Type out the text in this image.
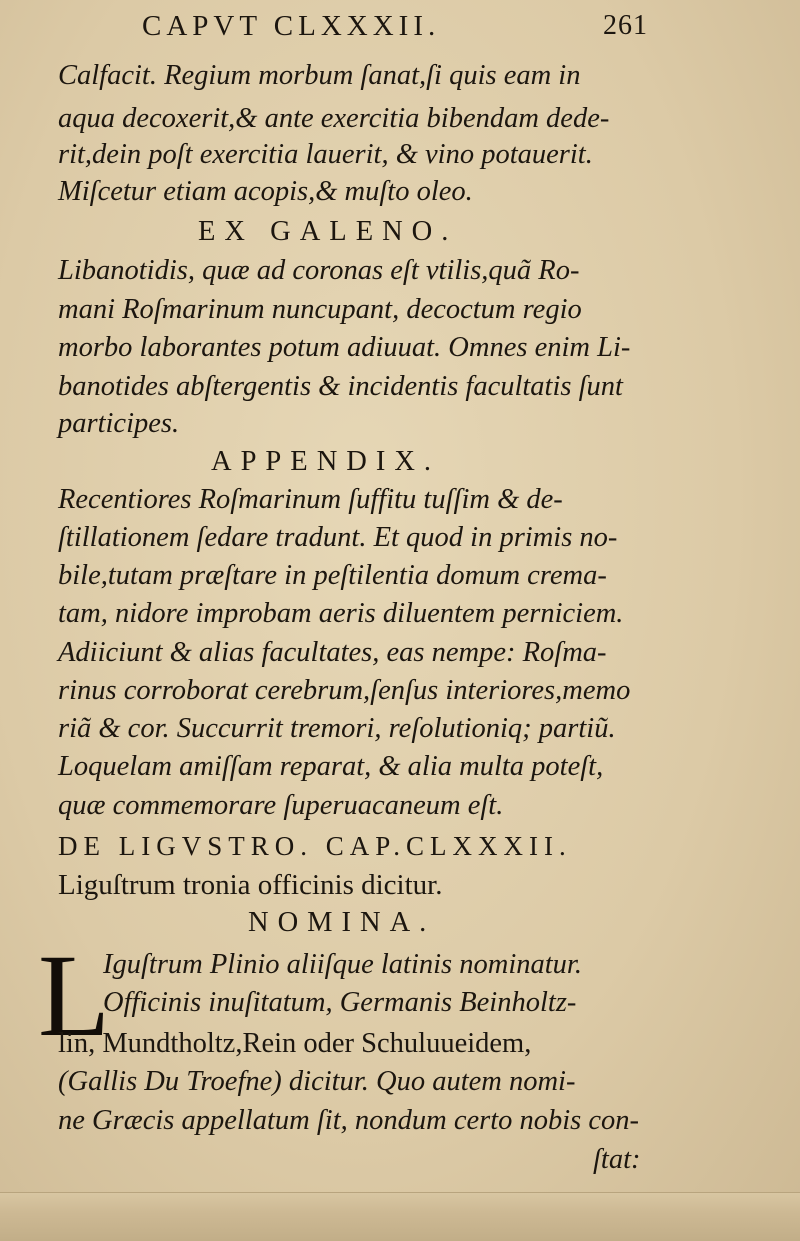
CAPVT CLXXXII.	261
Calfacit. Regium morbum ſanat,ſi quis eam in
aqua decoxerit,& ante exercitia bibendam dede-
rit,dein poſt exercitia lauerit, & vino potauerit.
Miſcetur etiam acopis,& muſto oleo.
EX GALENO.
Libanotidis, quæ ad coronas eſt vtilis,quã Ro-
mani Roſmarinum nuncupant, decoctum regio
morbo laborantes potum adiuuat. Omnes enim Li-
banotides abſtergentis & incidentis facultatis ſunt
participes.
APPENDIX.
Recentiores Roſmarinum ſuffitu tuſſim & de-
ſtillationem ſedare tradunt. Et quod in primis no-
bile,tutam præſtare in peſtilentia domum crema-
tam, nidore improbam aeris diluentem perniciem.
Adiiciunt & alias facultates, eas nempe: Roſma-
rinus corroborat cerebrum,ſenſus interiores,memo
riã & cor. Succurrit tremori, reſolutioniq; partiũ.
Loquelam amiſſam reparat, & alia multa poteſt,
quæ commemorare ſuperuacaneum eſt.
DE LIGVSTRO. CAP.CLXXXII.
Liguſtrum tronia officinis dicitur.
NOMINA.
L
Iguſtrum Plinio aliiſque latinis nominatur.
Officinis inuſitatum, Germanis Beinholtz-
lin, Mundtholtz,Rein oder Schuluueidem,
(Gallis Du Troefne) dicitur. Quo autem nomi-
ne Græcis appellatum ſit, nondum certo nobis con-
ſtat:
